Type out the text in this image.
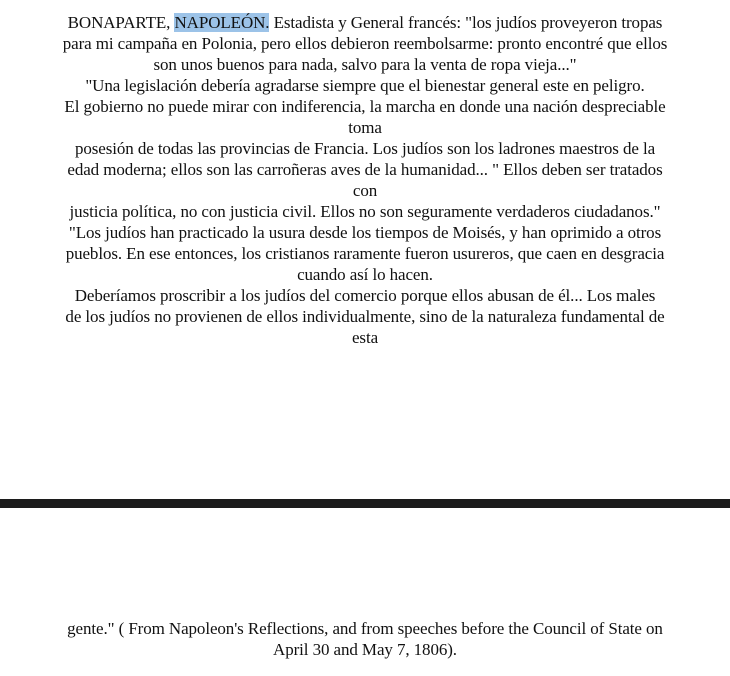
BONAPARTE, NAPOLEÓN. Estadista y General francés: "los judíos proveyeron tropas
para mi campaña en Polonia, pero ellos debieron reembolsarme: pronto encontré que ellos
son unos buenos para nada, salvo para la venta de ropa vieja..."
"Una legislación debería agradarse siempre que el bienestar general este en peligro.
El gobierno no puede mirar con indiferencia, la marcha en donde una nación despreciable
toma
posesión de todas las provincias de Francia. Los judíos son los ladrones maestros de la
edad moderna; ellos son las carroñeras aves de la humanidad... " Ellos deben ser tratados
con
justicia política, no con justicia civil. Ellos no son seguramente verdaderos ciudadanos."
"Los judíos han practicado la usura desde los tiempos de Moisés, y han oprimido a otros
pueblos. En ese entonces, los cristianos raramente fueron usureros, que caen en desgracia
cuando así lo hacen.
Deberíamos proscribir a los judíos del comercio porque ellos abusan de él... Los males
de los judíos no provienen de ellos individualmente, sino de la naturaleza fundamental de
esta
gente." ( From Napoleon's Reflections, and from speeches before the Council of State on
April 30 and May 7, 1806).
